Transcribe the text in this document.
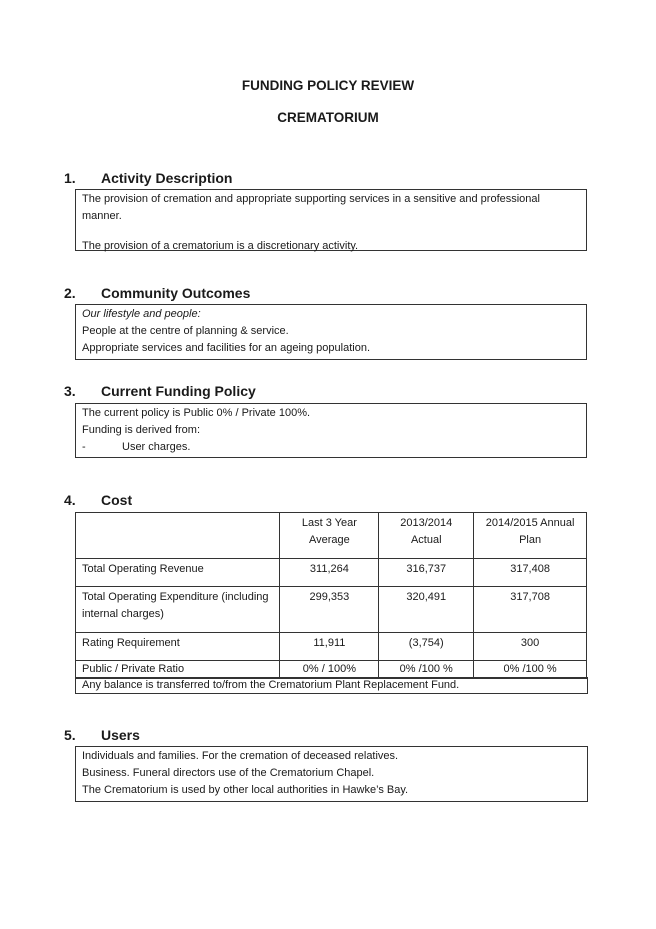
FUNDING POLICY REVIEW
CREMATORIUM
1. Activity Description

The provision of cremation and appropriate supporting services in a sensitive and professional

manner.

The provision of a crematorium is a discretionary activity.

2. Community Outcomes

Our lifestyle and people:

People at the centre of planning & service.

Appropriate services and facilities for an ageing population.

3. Current Funding Policy

The current policy is Public 0% / Private 100%.

Funding is derived from:

-	User charges.

4. Cost
	Last 3 Year Average	2013/2014 Actual	2014/2015 Annual Plan
Total Operating Revenue	311,264	316,737	317,408
Total Operating Expenditure (including internal charges)	299,353	320,491	317,708
Rating Requirement	11,911	(3,754)	300
Public / Private Ratio	0% / 100%	0% /100 %	0% /100 %
Any balance is transferred to/from the Crematorium Plant Replacement Fund.
5. Users

Individuals and families. For the cremation of deceased relatives.

Business. Funeral directors use of the Crematorium Chapel.

The Crematorium is used by other local authorities in Hawke’s Bay.
